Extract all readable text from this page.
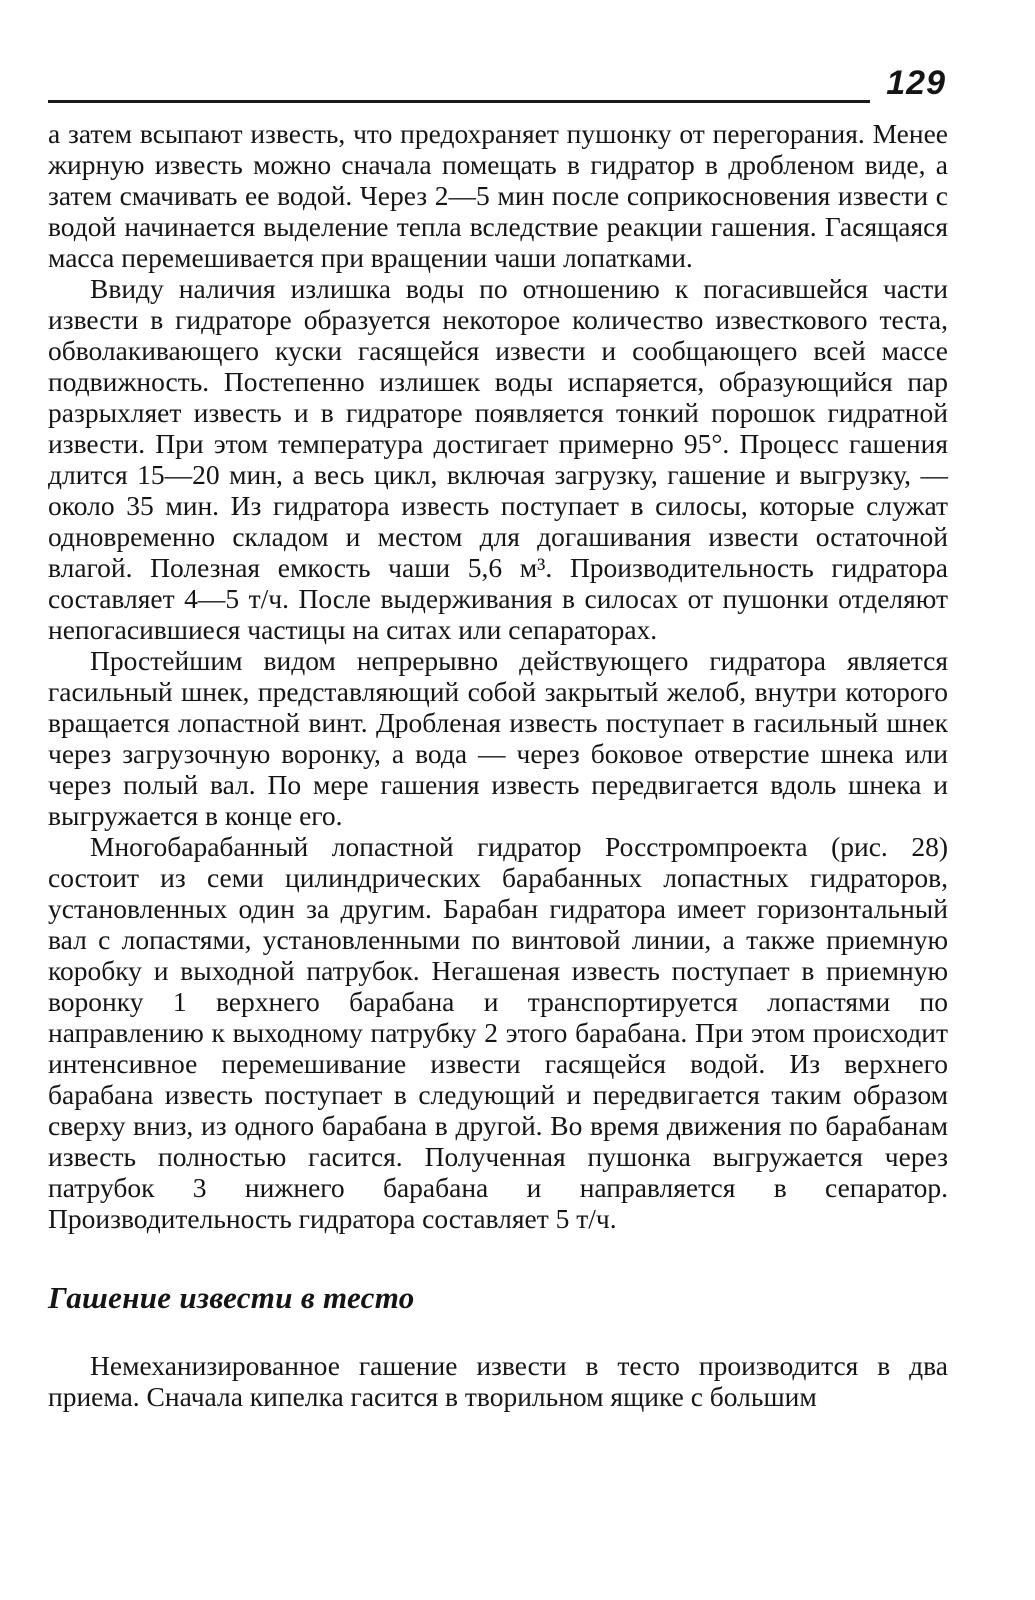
129

а затем всыпают известь, что предохраняет пушонку от перегорания. Менее жирную известь можно сначала помещать в гидратор в дробленом виде, а затем смачивать ее водой. Через 2—5 мин после соприкосновения извести с водой начинается выделение тепла вследствие реакции гашения. Гасящаяся масса перемешивается при вращении чаши лопатками.

Ввиду наличия излишка воды по отношению к погасившейся части извести в гидраторе образуется некоторое количество известкового теста, обволакивающего куски гасящейся извести и сообщающего всей массе подвижность. Постепенно излишек воды испаряется, образующийся пар разрыхляет известь и в гидраторе появляется тонкий порошок гидратной извести. При этом температура достигает примерно 95°. Процесс гашения длится 15—20 мин, а весь цикл, включая загрузку, гашение и выгрузку, — около 35 мин. Из гидратора известь поступает в силосы, которые служат одновременно складом и местом для догашивания извести остаточной влагой. Полезная емкость чаши 5,6 м³. Производительность гидратора составляет 4—5 т/ч. После выдерживания в силосах от пушонки отделяют непогасившиеся частицы на ситах или сепараторах.

Простейшим видом непрерывно действующего гидратора является гасильный шнек, представляющий собой закрытый желоб, внутри которого вращается лопастной винт. Дробленая известь поступает в гасильный шнек через загрузочную воронку, а вода — через боковое отверстие шнека или через полый вал. По мере гашения известь передвигается вдоль шнека и выгружается в конце его.

Многобарабанный лопастной гидратор Росстромпроекта (рис. 28) состоит из семи цилиндрических барабанных лопастных гидраторов, установленных один за другим. Барабан гидратора имеет горизонтальный вал с лопастями, установленными по винтовой линии, а также приемную коробку и выходной патрубок. Негашеная известь поступает в приемную воронку 1 верхнего барабана и транспортируется лопастями по направлению к выходному патрубку 2 этого барабана. При этом происходит интенсивное перемешивание извести гасящейся водой. Из верхнего барабана известь поступает в следующий и передвигается таким образом сверху вниз, из одного барабана в другой. Во время движения по барабанам известь полностью гасится. Полученная пушонка выгружается через патрубок 3 нижнего барабана и направляется в сепаратор. Производительность гидратора составляет 5 т/ч.

Гашение извести в тесто

Немеханизированное гашение извести в тесто производится в два приема. Сначала кипелка гасится в творильном ящике с большим
